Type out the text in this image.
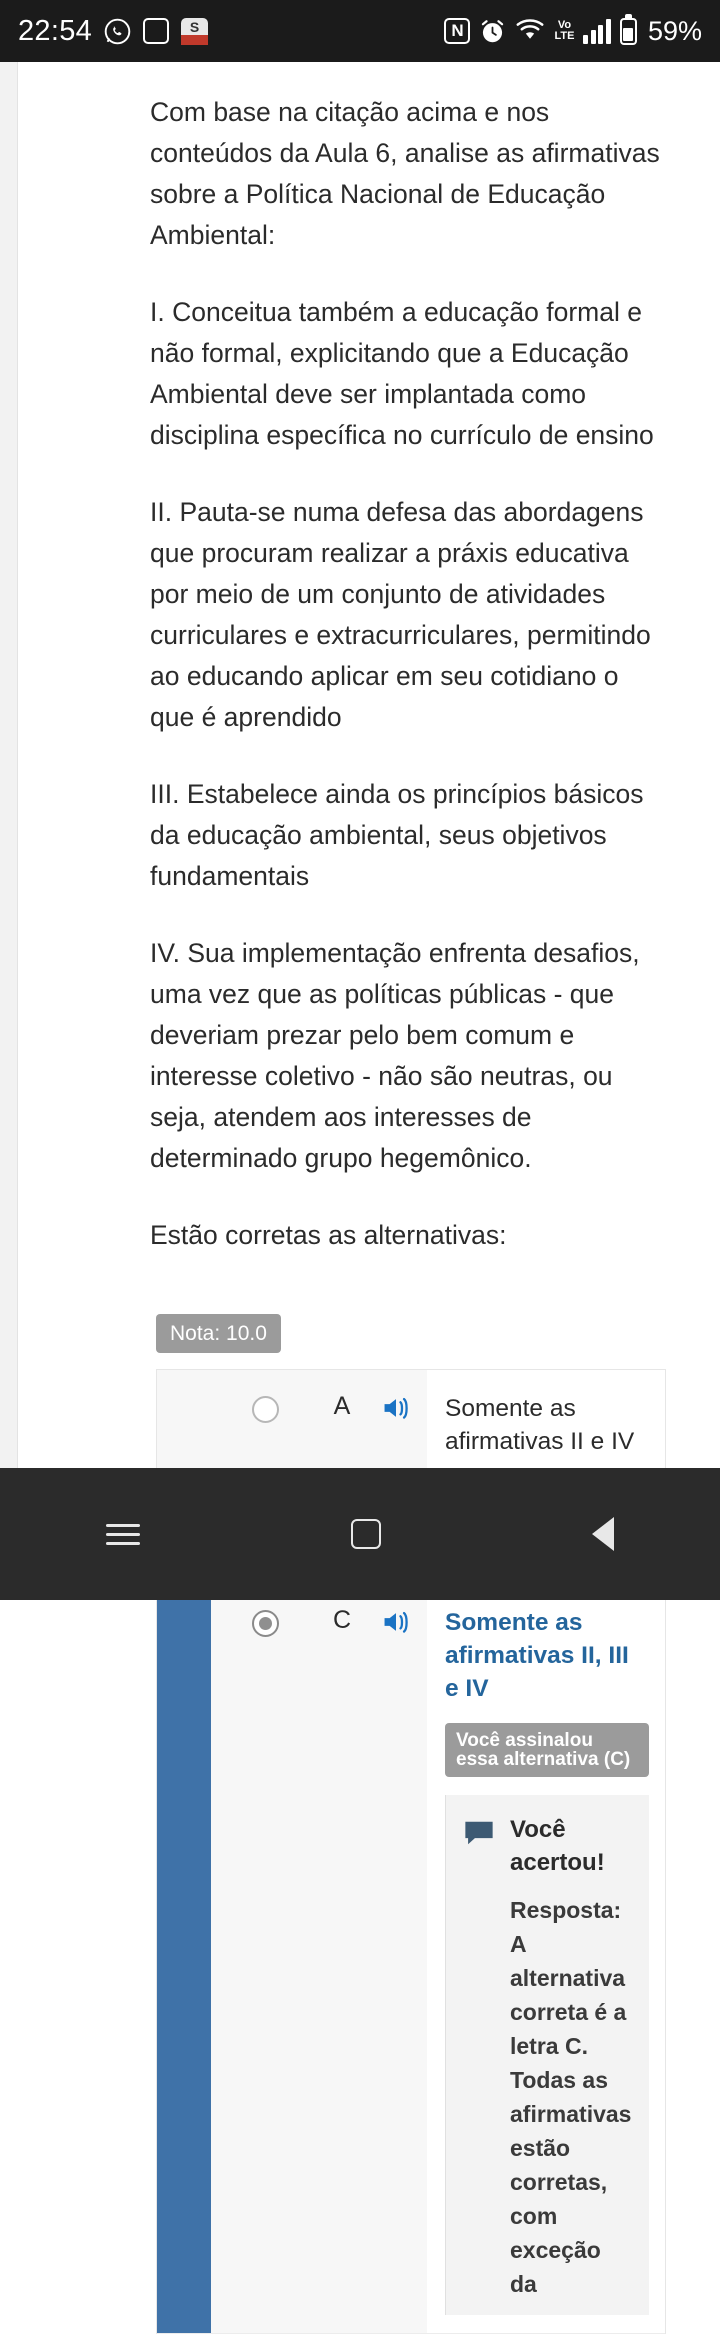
22:54	S	N	Vo
LTE	59%

Com base na citação acima e nos conteúdos da Aula 6, analise as afirmativas sobre a Política Nacional de Educação Ambiental:

I. Conceitua também a educação formal e não formal, explicitando que a Educação Ambiental deve ser implantada como disciplina específica no currículo de ensino

II. Pauta-se numa defesa das abordagens que procuram realizar a práxis educativa por meio de um conjunto de atividades curriculares e extracurriculares, permitindo ao educando aplicar em seu cotidiano o que é aprendido

III. Estabelece ainda os princípios básicos da educação ambiental, seus objetivos fundamentais

IV. Sua implementação enfrenta desafios, uma vez que as políticas públicas - que deveriam prezar pelo bem comum e interesse coletivo - não são neutras, ou seja, atendem aos interesses de determinado grupo hegemônico.

Estão corretas as alternativas:

Nota: 10.0
A	Somente as afirmativas II e IV
C	Somente as afirmativas II, III e IV
Você assinalou essa alternativa (C)
Você acertou!
Resposta: A alternativa correta é a letra C. Todas as afirmativas estão corretas, com exceção da
